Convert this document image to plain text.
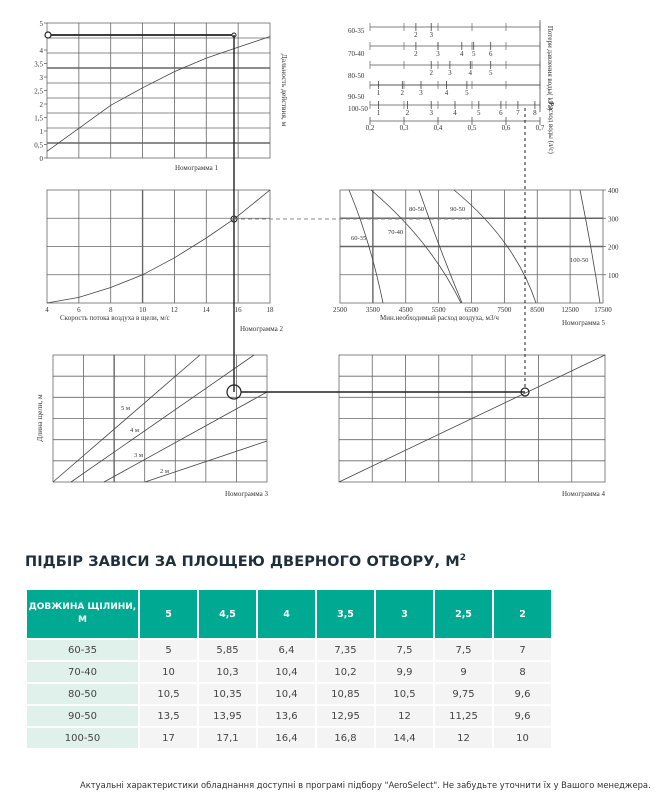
0
0,5
1
1,5
2
2,5
3
3,5
4
5
Номограмма 1
Дальность действия, м
4	6	8	10	12	14	16	18
Скорость потока воздуха в щели, м/с
Номограмма 2
5 м
4 м
3 м
2 м
Длина щели, м
Номограмма 3	Номограмма 4
2500	3500	4500	5500	6500	7500	8500 12500 17500
100
200
300
400
60-35
70-40
80-50	90-50
100-50
Мин.необходимый расход воздуха, м3/ч
Номограмма 5
60-35	2 3
70-40	2	3	4 5 6
80-50	2 3 4 5
90-50 1	2 3	4 5
100-50 1	2	3	4	5	6 7 8
0,2	0,3	0,4	0,5	0,6	0,7
Потери давления воды( kPa)
Расход воды (л/с)
ПІДБІР ЗАВІСИ ЗА ПЛОЩЕЮ ДВЕРНОГО ОТВОРУ, $М^2$
ДОВЖИНА ЩІЛИНИ, М	5	4,5	4	3,5	3	2,5	2
60-35	5	5,85	6,4	7,35	7,5	7,5	7
70-40	10	10,3	10,4	10,2	9,9	9	8
80-50	10,5	10,35	10,4	10,85	10,5	9,75	9,6
90-50	13,5	13,95	13,6	12,95	12	11,25	9,6
100-50	17	17,1	16,4	16,8	14,4	12	10
Актуальні характеристики обладнання доступні в програмі підбору "AeroSelect". Не забудьте уточнити їх у Вашого менеджера.
